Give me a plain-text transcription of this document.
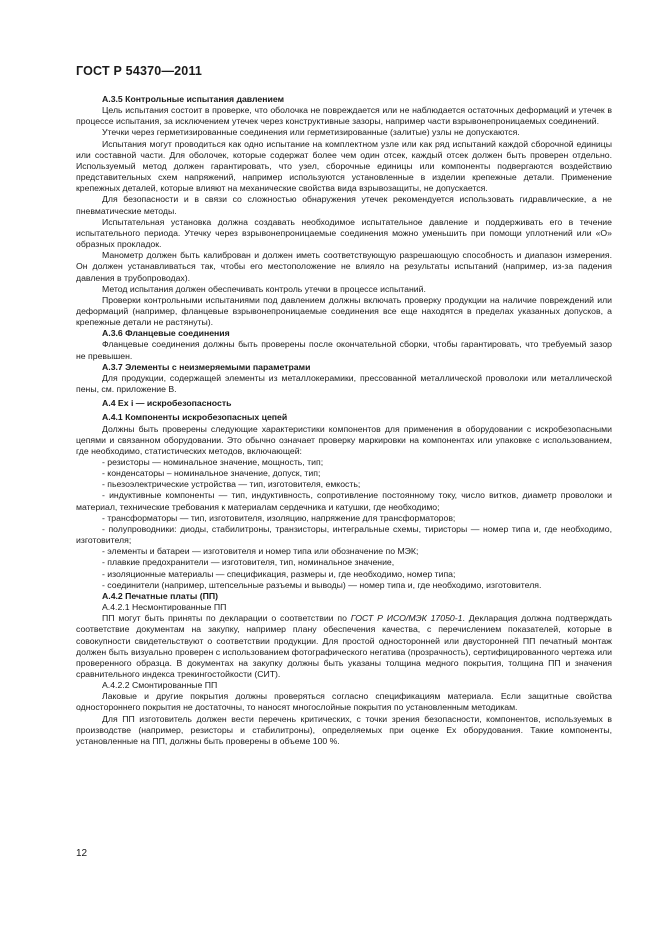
ГОСТ Р 54370—2011
А.3.5 Контрольные испытания давлением

Цель испытания состоит в проверке, что оболочка не повреждается или не наблюдается остаточных деформаций и утечек в процессе испытания, за исключением утечек через конструктивные зазоры, например части взрывонепроницаемых соединений.

Утечки через герметизированные соединения или герметизированные (залитые) узлы не допускаются.

Испытания могут проводиться как одно испытание на комплектном узле или как ряд испытаний каждой сборочной единицы или составной части. Для оболочек, которые содержат более чем один отсек, каждый отсек должен быть проверен отдельно. Используемый метод должен гарантировать, что узел, сборочные единицы или компоненты подвергаются воздействию представительных схем напряжений, например используются установленные в изделии крепежные детали. Применение крепежных деталей, которые влияют на механические свойства вида взрывозащиты, не допускается.

Для безопасности и в связи со сложностью обнаружения утечек рекомендуется использовать гидравлические, а не пневматические методы.

Испытательная установка должна создавать необходимое испытательное давление и поддерживать его в течение испытательного периода. Утечку через взрывонепроницаемые соединения можно уменьшить при помощи уплотнений или «О» образных прокладок.

Манометр должен быть калиброван и должен иметь соответствующую разрешающую способность и диапазон измерения. Он должен устанавливаться так, чтобы его местоположение не влияло на результаты испытаний (например, из-за падения давления в трубопроводах).

Метод испытания должен обеспечивать контроль утечки в процессе испытаний.

Проверки контрольными испытаниями под давлением должны включать проверку продукции на наличие повреждений или деформаций (например, фланцевые взрывонепроницаемые соединения все еще находятся в пределах указанных допусков, а крепежные детали не растянуты).

А.3.6 Фланцевые соединения

Фланцевые соединения должны быть проверены после окончательной сборки, чтобы гарантировать, что требуемый зазор не превышен.

А.3.7 Элементы с неизмеряемыми параметрами

Для продукции, содержащей элементы из металлокерамики, прессованной металлической проволоки или металлической пены, см. приложение В.

А.4 Ex i — искробезопасность
А.4.1 Компоненты искробезопасных цепей

Должны быть проверены следующие характеристики компонентов для применения в оборудовании с искробезопасными цепями и связанном оборудовании. Это обычно означает проверку маркировки на компонентах или упаковке с использованием, где необходимо, статистических методов, включающей:

- резисторы — номинальное значение, мощность, тип;

- конденсаторы – номинальное значение, допуск, тип;

- пьезоэлектрические устройства — тип, изготовителя, емкость;

- индуктивные компоненты — тип, индуктивность, сопротивление постоянному току, число витков, диаметр проволоки и материал, технические требования к материалам сердечника и катушки, где необходимо;

- трансформаторы — тип, изготовителя, изоляцию, напряжение для трансформаторов;

- полупроводники: диоды, стабилитроны, транзисторы, интегральные схемы, тиристоры — номер типа и, где необходимо, изготовителя;

- элементы и батареи — изготовителя и номер типа или обозначение по МЭК;

- плавкие предохранители — изготовителя, тип, номинальное значение,

- изоляционные материалы — спецификация, размеры и, где необходимо, номер типа;

- соединители (например, штепсельные разъемы и выводы) — номер типа и, где необходимо, изготовителя.

А.4.2 Печатные платы (ПП)
А.4.2.1 Несмонтированные ПП

ПП могут быть приняты по декларации о соответствии по ГОСТ Р ИСО/МЭК 17050-1. Декларация должна подтверждать соответствие документам на закупку, например плану обеспечения качества, с перечислением показателей, которые в совокупности свидетельствуют о соответствии продукции. Для простой односторонней или двусторонней ПП печатный монтаж должен быть визуально проверен с использованием фотографического негатива (прозрачность), сертифицированного чертежа или проверенного образца. В документах на закупку должны быть указаны толщина медного покрытия, толщина ПП и значения сравнительного индекса трекингостойкости (СИТ).

А.4.2.2 Смонтированные ПП

Лаковые и другие покрытия должны проверяться согласно спецификациям материала. Если защитные свойства одностороннего покрытия не достаточны, то наносят многослойные покрытия по установленным методикам.

Для ПП изготовитель должен вести перечень критических, с точки зрения безопасности, компонентов, используемых в производстве (например, резисторы и стабилитроны), определяемых при оценке Ex оборудования. Такие компоненты, установленные на ПП, должны быть проверены в объеме 100 %.

12
